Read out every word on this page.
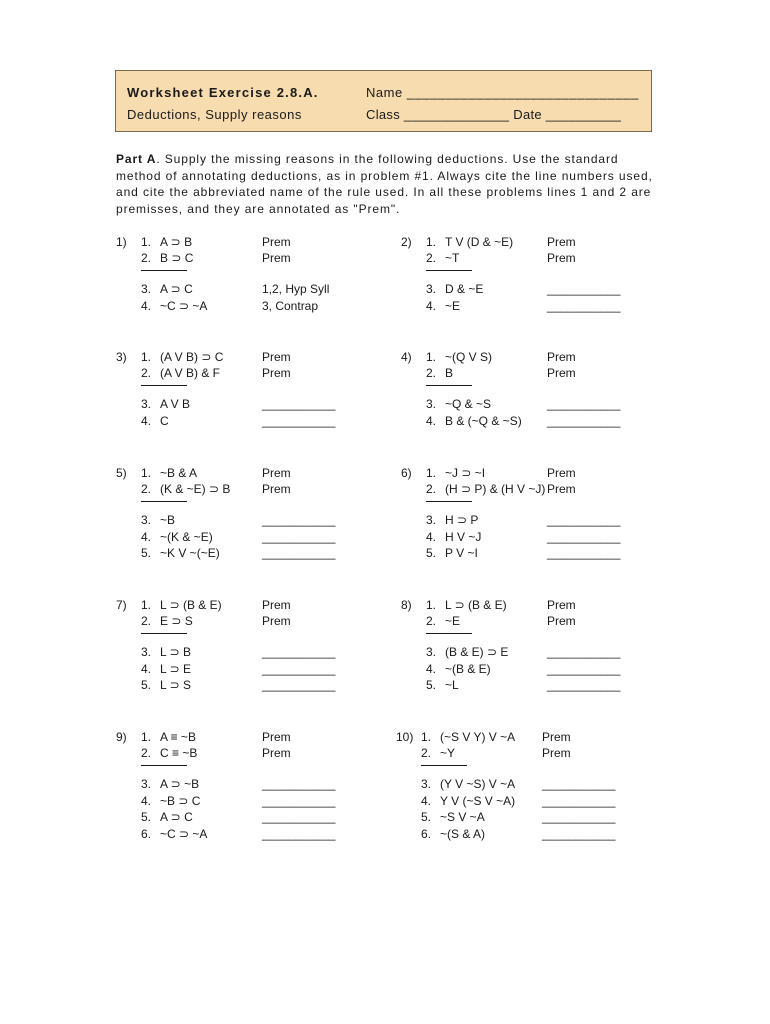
Worksheet Exercise 2.8.A.
Deductions, Supply reasons
Name ______________________________
Class ______________ Date __________
Part A. Supply the missing reasons in the following deductions. Use the standard method of annotating deductions, as in problem #1. Always cite the line numbers used, and cite the abbreviated name of the rule used. In all these problems lines 1 and 2 are premisses, and they are annotated as "Prem".
1) 1. A ⊃ B	Prem
2. B ⊃ C	Prem
3. A ⊃ C	1,2, Hyp Syll
4. ~C ⊃ ~A	3, Contrap
2) 1. T V (D & ~E)	Prem
2. ~T	Prem
3. D & ~E	___________
4. ~E	___________
3) 1. (A V B) ⊃ C	Prem
2. (A V B) & F	Prem
3. A V B	___________
4. C	___________
4) 1. ~(Q V S)	Prem
2. B	Prem
3. ~Q & ~S	___________
4. B & (~Q & ~S) ___________
5) 1. ~B & A	Prem
2. (K & ~E) ⊃ B	Prem
3. ~B	___________
4. ~(K & ~E)	___________
5. ~K V ~(~E)	___________
6) 1. ~J ⊃ ~I	Prem
2. (H ⊃ P) & (H V ~J) Prem
3. H ⊃ P	___________
4. H V ~J	___________
5. P V ~I	___________
7) 1. L ⊃ (B & E)	Prem
2. E ⊃ S	Prem
3. L ⊃ B	___________
4. L ⊃ E	___________
5. L ⊃ S	___________
8) 1. L ⊃ (B & E)	Prem
2. ~E	Prem
3. (B & E) ⊃ E	___________
4. ~(B & E)	___________
5. ~L	___________
9) 1. A ≡ ~B	Prem
2. C ≡ ~B	Prem
3. A ⊃ ~B	___________
4. ~B ⊃ C	___________
5. A ⊃ C	___________
6. ~C ⊃ ~A	___________
10) 1. (~S V Y) V ~A Prem
2. ~Y	Prem
3. (Y V ~S) V ~A ___________
4. Y V (~S V ~A) ___________
5. ~S V ~A	___________
6. ~(S & A)	___________
